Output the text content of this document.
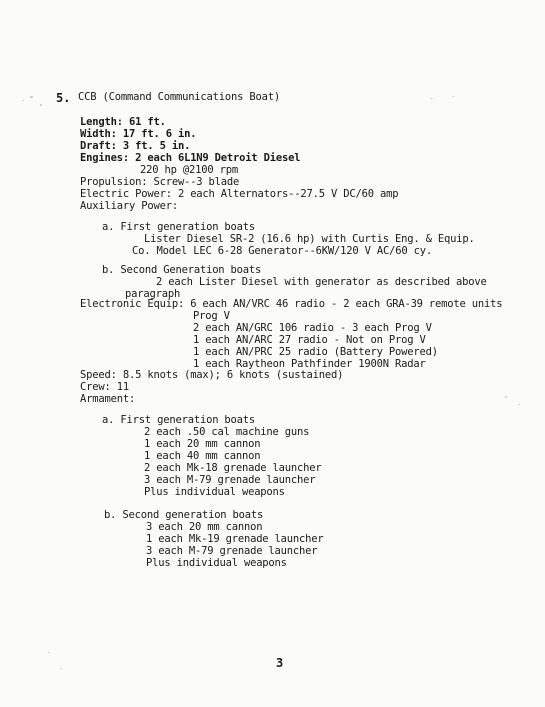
5. CCB (Command Communications Boat)
Length: 61 ft.
Width: 17 ft. 6 in.
Draft: 3 ft. 5 in.
Engines: 2 each 6L1N9 Detroit Diesel
220 hp @2100 rpm
Propulsion: Screw--3 blade
Electric Power: 2 each Alternators--27.5 V DC/60 amp
Auxiliary Power:
a. First generation boats
Lister Diesel SR-2 (16.6 hp) with Curtis Eng. & Equip.
Co. Model LEC 6-28 Generator--6KW/120 V AC/60 cy.
b. Second Generation boats
2 each Lister Diesel with generator as described above
paragraph
Electronic Equip: 6 each AN/VRC 46 radio - 2 each GRA-39 remote units
Prog V
2 each AN/GRC 106 radio - 3 each Prog V
1 each AN/ARC 27 radio - Not on Prog V
1 each AN/PRC 25 radio (Battery Powered)
1 each Raytheon Pathfinder 1900N Radar
Speed: 8.5 knots (max); 6 knots (sustained)
Crew: 11
Armament:
a. First generation boats
2 each .50 cal machine guns
1 each 20 mm cannon
1 each 40 mm cannon
2 each Mk-18 grenade launcher
3 each M-79 grenade launcher
Plus individual weapons
b. Second generation boats
3 each 20 mm cannon
1 each Mk-19 grenade launcher
3 each M-79 grenade launcher
Plus individual weapons
3
